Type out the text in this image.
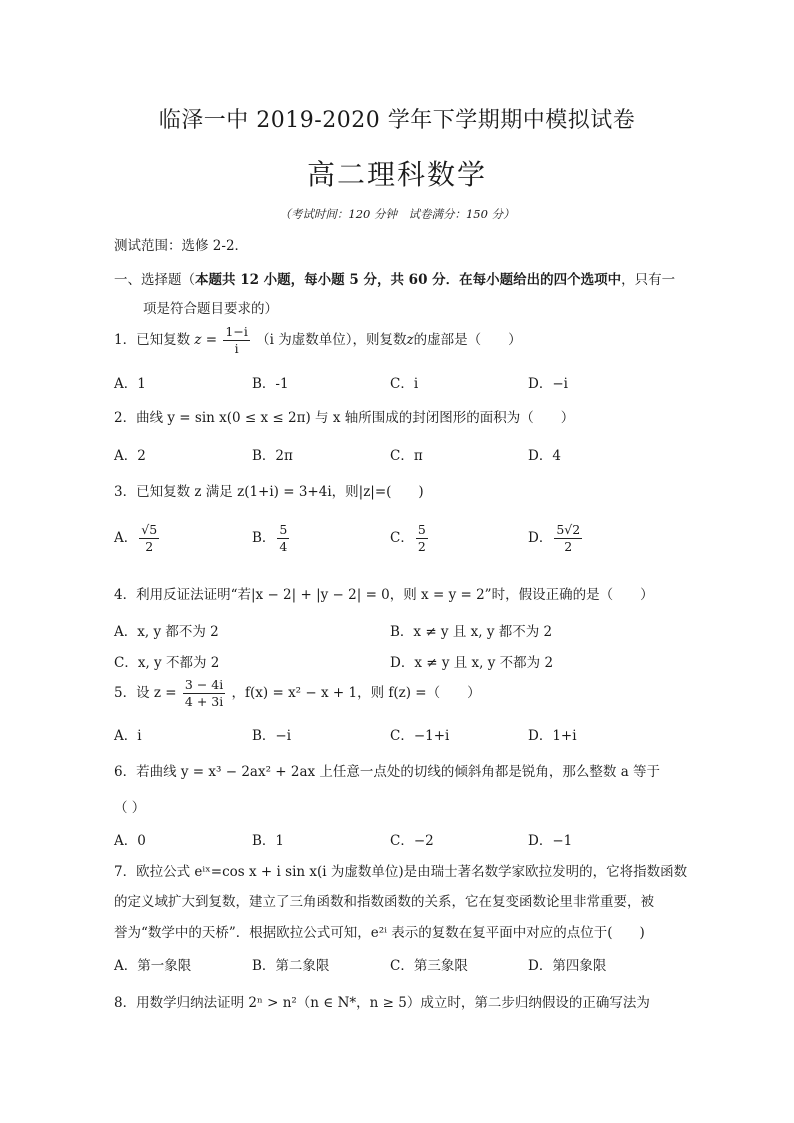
临泽一中 2019-2020 学年下学期期中模拟试卷
高二理科数学
（考试时间：120 分钟　试卷满分：150 分）
测试范围：选修 2-2．
一、选择题（本题共 12 小题，每小题 5 分，共 60 分．在每小题给出的四个选项中，只有一
项是符合题目要求的）
1．已知复数 $z = \frac{1-i}{i} (i$ 为虚数单位），则复数z的虚部是（　　）
A．1	B．-1	C．i	D．−i
2．曲线 y = sin x(0 ≤ x ≤ 2π) 与 x 轴所围成的封闭图形的面积为（　　）
A．2	B．2π	C．π	D．4
3．已知复数 z 满足 z(1+i) = 3+4i，则|z|=(　　)
A． $\frac{√5}{2}$	B． $\frac{5}{4}$	C． $\frac{5}{2}$	D． $\frac{5√2}{2}$
4．利用反证法证明“若|x − 2| + |y − 2| = 0，则 x = y = 2”时，假设正确的是（　　）
A．x, y 都不为 2	B．x ≠ y 且 x, y 都不为 2
C．x, y 不都为 2	D．x ≠ y 且 x, y 不都为 2
5．设 $z = \frac{3 - 4i}{4 + 3i}$ ，f(x) = x² − x + 1，则 f(z) =（　　）
A．i	B．−i	C．−1+i	D．1+i
6．若曲线 y = x³ − 2ax² + 2ax 上任意一点处的切线的倾斜角都是锐角，那么整数 a 等于
（ ）
A．0	B．1	C．−2	D．−1
7．欧拉公式 eⁱˣ=cos x + i sin x(i 为虚数单位)是由瑞士著名数学家欧拉发明的，它将指数函数
的定义域扩大到复数，建立了三角函数和指数函数的关系，它在复变函数论里非常重要，被
誉为“数学中的天桥”．根据欧拉公式可知，e²ⁱ 表示的复数在复平面中对应的点位于(　　)
A．第一象限	B．第二象限	C．第三象限	D．第四象限
8．用数学归纳法证明 2ⁿ > n²（n ∈ N*，n ≥ 5）成立时，第二步归纳假设的正确写法为
